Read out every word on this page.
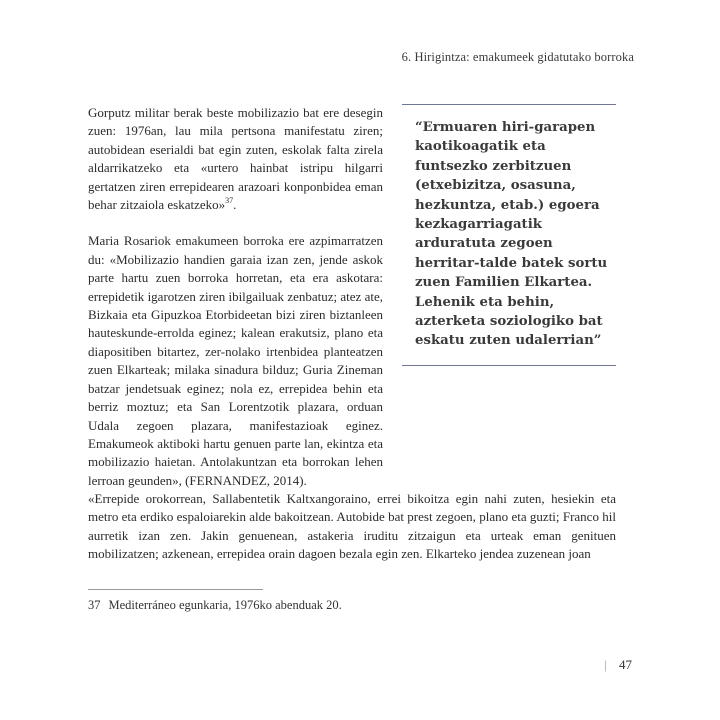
6. Hirigintza: emakumeek gidatutako borroka

Gorputz militar berak beste mobilizazio bat ere desegin zuen: 1976an, lau mila pertsona manifestatu ziren; autobidean eserialdi bat egin zuten, eskolak falta zirela aldarrikatzeko eta «urtero hainbat istripu hilgarri gertatzen ziren errepidearen arazoari konponbidea eman behar zitzaiola eskatzeko»$^{37}$.

Maria Rosariok emakumeen borroka ere azpimarratzen du: «Mobilizazio handien garaia izan zen, jende askok parte hartu zuen borroka horretan, eta era askotara: errepidetik igarotzen ziren ibilgailuak zenbatuz; atez ate, Bizkaia eta Gipuzkoa Etorbideetan bizi ziren biztanleen hauteskunde-errolda eginez; kalean erakutsiz, plano eta diapositiben bitartez, zer-nolako irtenbidea planteatzen zuen Elkarteak; milaka sinadura bilduz; Guria Zineman batzar jendetsuak eginez; nola ez, errepidea behin eta berriz moztuz; eta San Lorentzotik plazara, orduan Udala zegoen plazara, manifestazioak eginez. Emakumeok aktiboki hartu genuen parte lan, ekintza eta mobilizazio haietan. Antolakuntzan eta borrokan lehen lerroan geunden», (FERNANDEZ, 2014).

“Ermuaren hiri-garapen kaotikoagatik eta funtsezko zerbitzuen (etxebizitza, osasuna, hezkuntza, etab.) egoera kezkagarriagatik arduratuta zegoen herritar-talde batek sortu zuen Familien Elkartea. Lehenik eta behin, azterketa soziologiko bat eskatu zuten udalerrian”

«Errepide orokorrean, Sallabentetik Kaltxangoraino, errei bikoitza egin nahi zuten, hesiekin eta metro eta erdiko espaloiarekin alde bakoitzean. Autobide bat prest zegoen, plano eta guzti; Franco hil aurretik izan zen. Jakin genuenean, astakeria iruditu zitzaigun eta urteak eman genituen mobilizatzen; azkenean, errepidea orain dagoen bezala egin zen. Elkarteko jendea zuzenean joan

37 Mediterráneo egunkaria, 1976ko abenduak 20.
| 47
